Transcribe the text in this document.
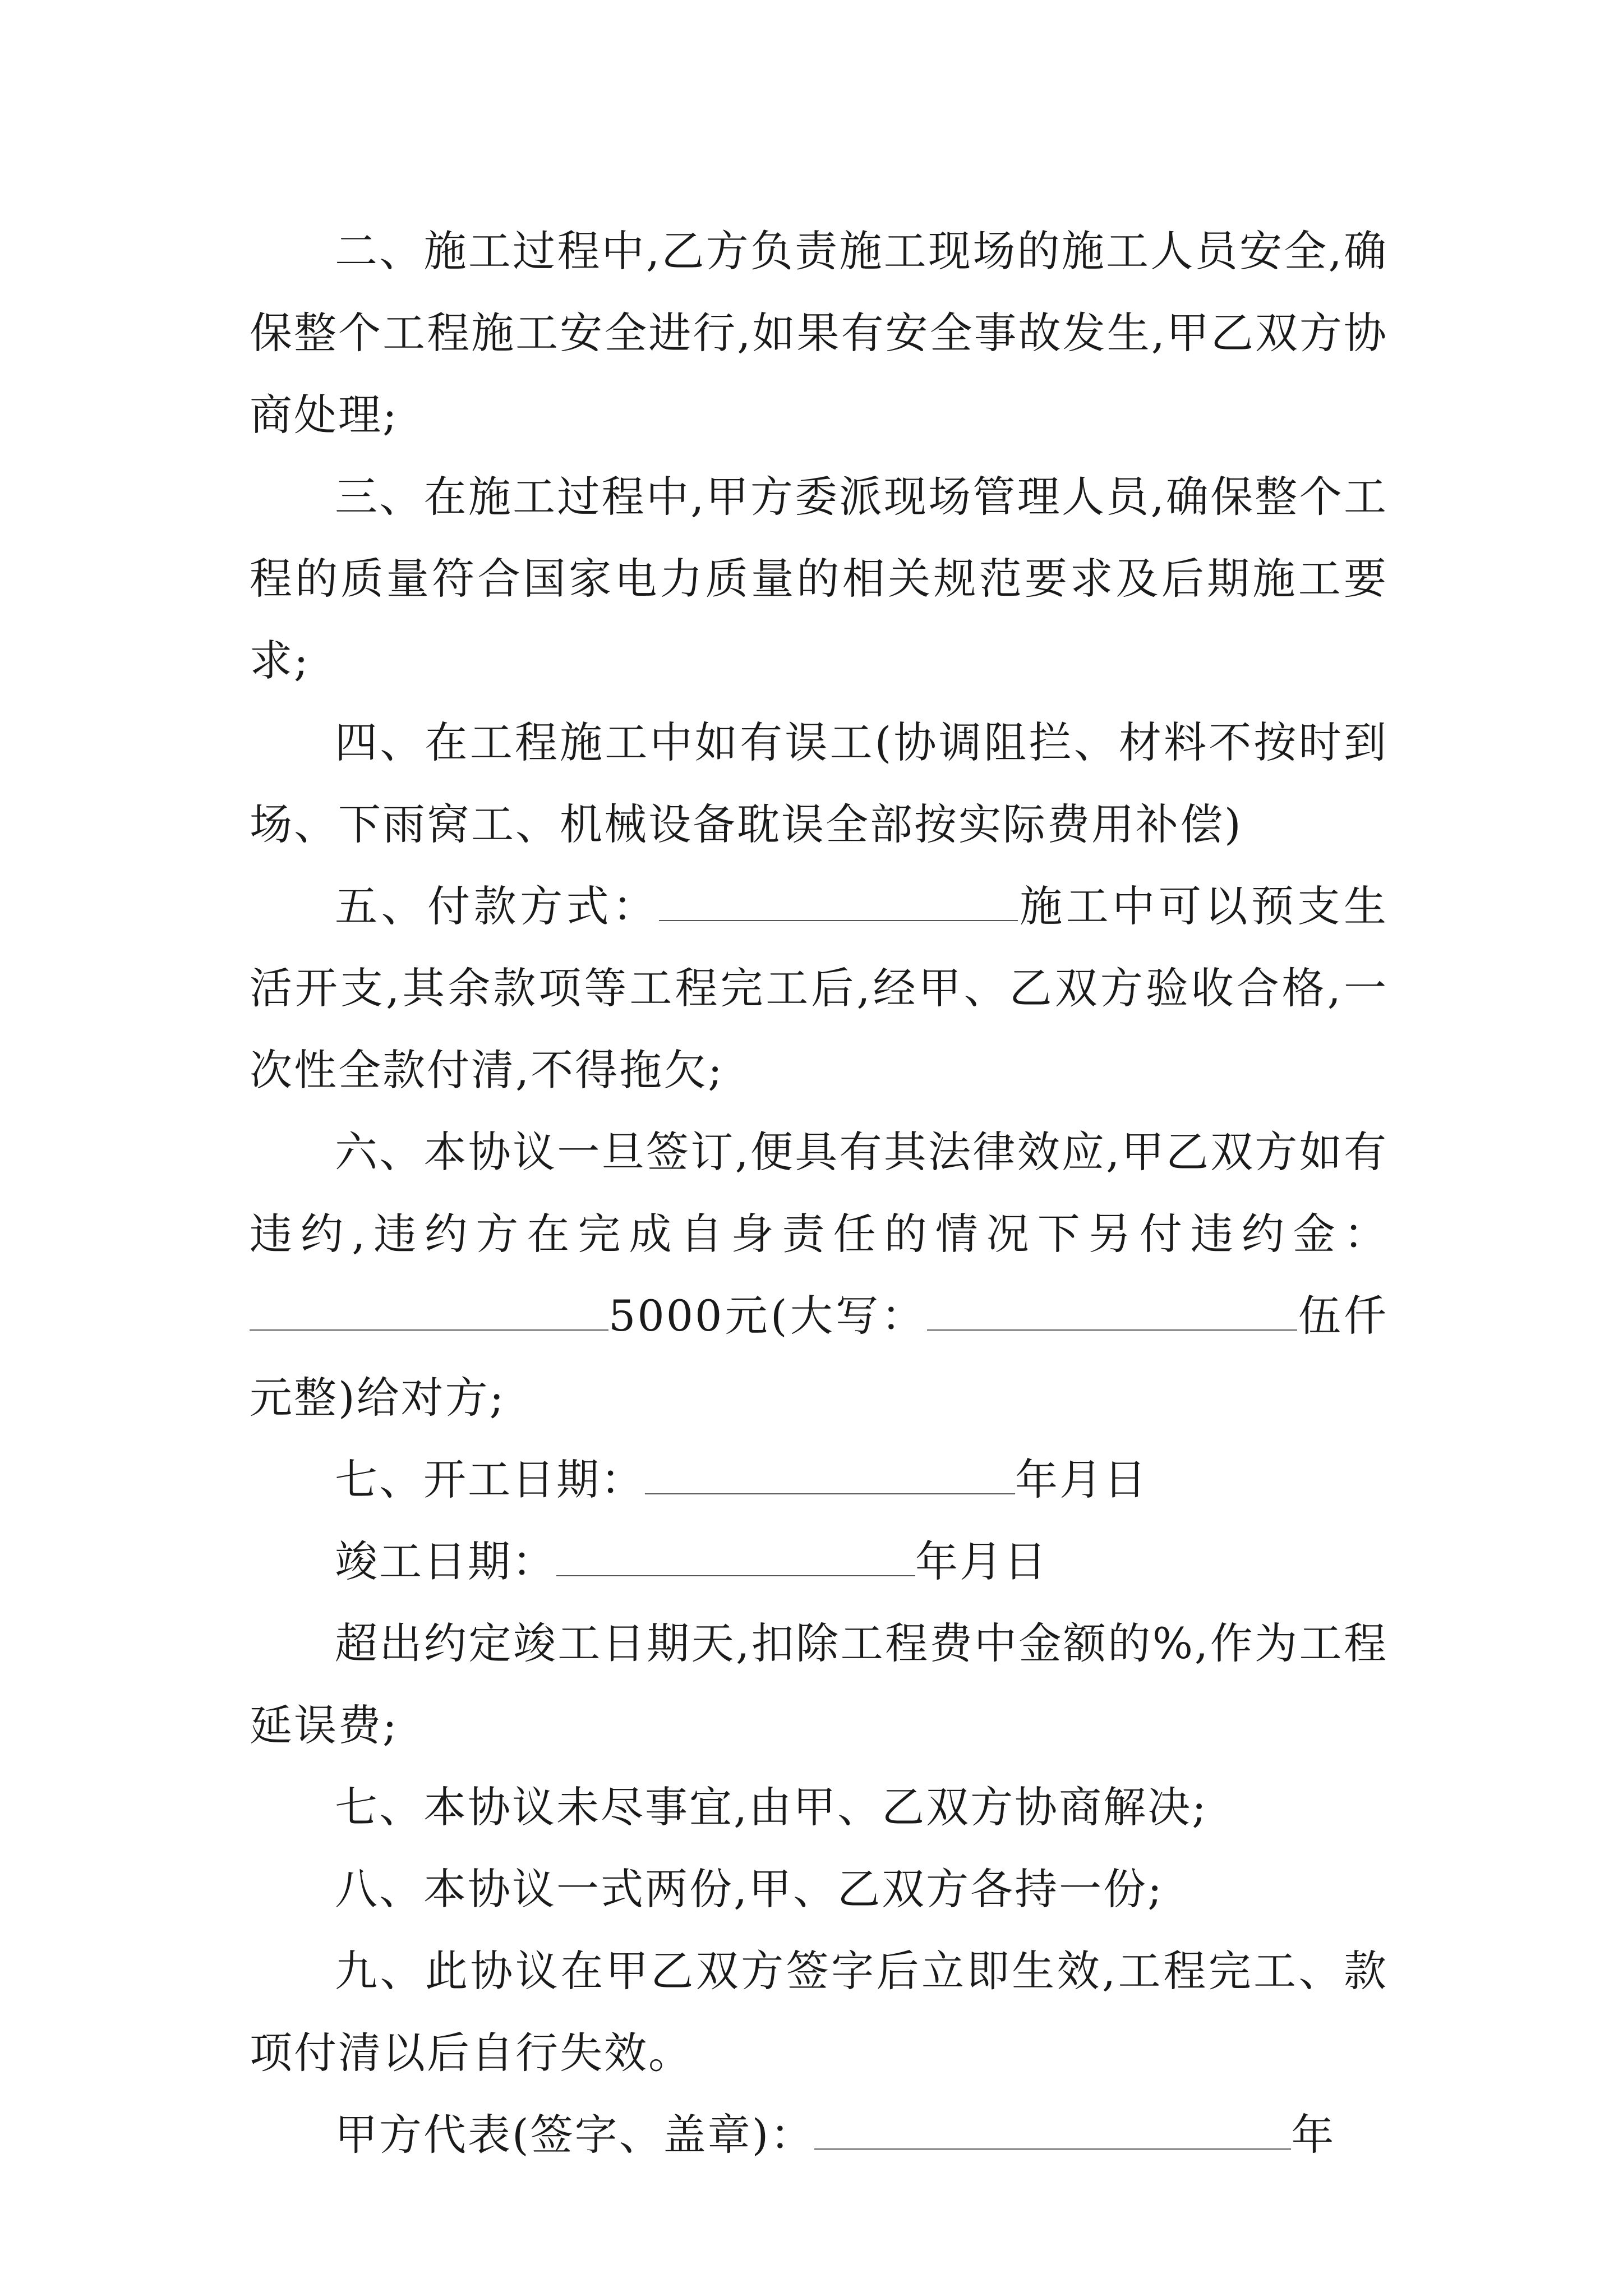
二、施工过程中,乙方负责施工现场的施工人员安全,确保整个工程施工安全进行,如果有安全事故发生,甲乙双方协商处理;

三、在施工过程中,甲方委派现场管理人员,确保整个工程的质量符合国家电力质量的相关规范要求及后期施工要求;

四、在工程施工中如有误工(协调阻拦、材料不按时到场、下雨窝工、机械设备耽误全部按实际费用补偿)

五、付款方式：	施工中可以预支生活开支,其余款项等工程完工后,经甲、乙双方验收合格,一次性全款付清,不得拖欠;

六、本协议一旦签订,便具有其法律效应,甲乙双方如有违约,违约方在完成自身责任的情况下另付违约金：5000元(大写：	伍仟元整)给对方;

七、开工日期：	年月日

竣工日期：	年月日

超出约定竣工日期天,扣除工程费中金额的%,作为工程延误费;

七、本协议未尽事宜,由甲、乙双方协商解决;

八、本协议一式两份,甲、乙双方各持一份;

九、此协议在甲乙双方签字后立即生效,工程完工、款项付清以后自行失效。

甲方代表(签字、盖章)：	年
